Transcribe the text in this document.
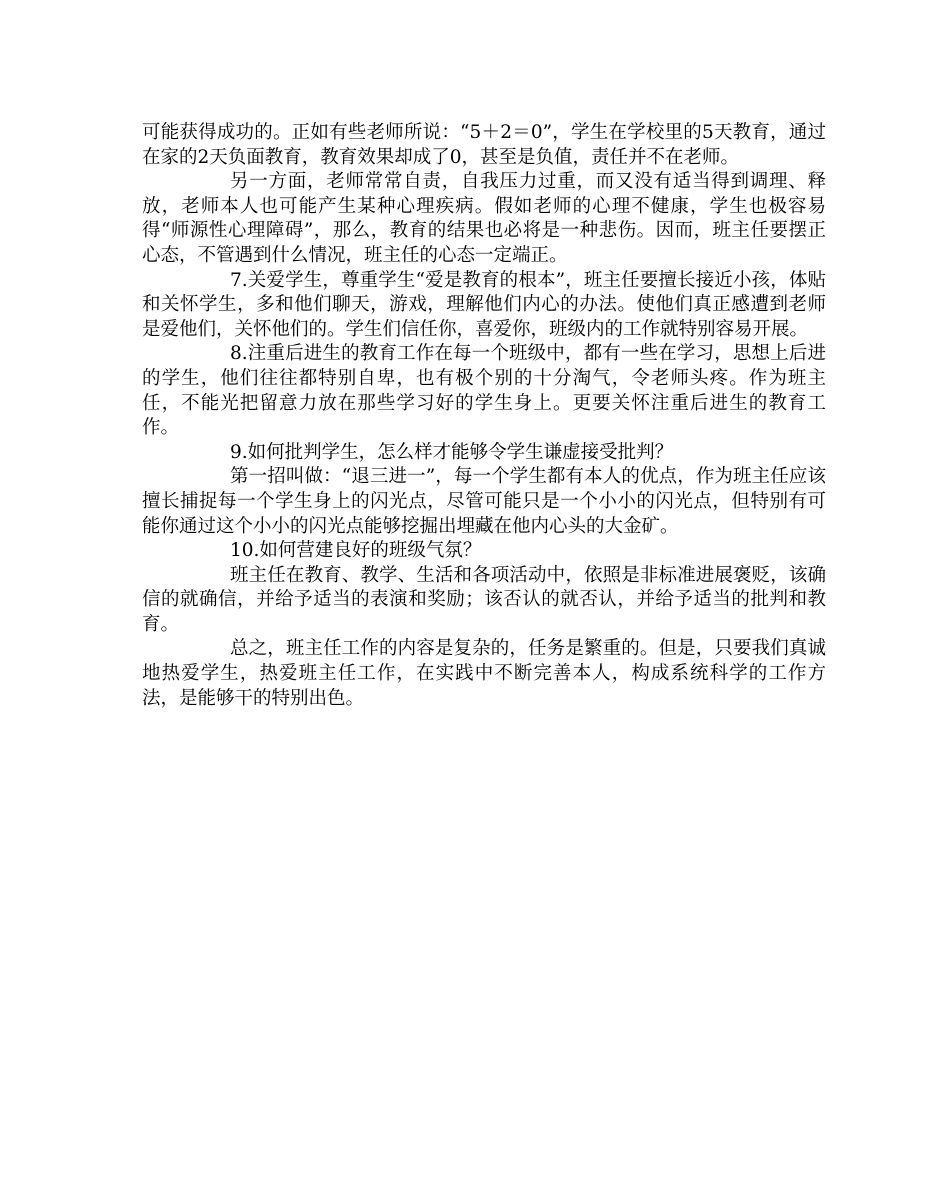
可能获得成功的。正如有些老师所说：“5＋2＝0”，学生在学校里的5天教育，通过在家的2天负面教育，教育效果却成了0，甚至是负值，责任并不在老师。

另一方面，老师常常自责，自我压力过重，而又没有适当得到调理、释放，老师本人也可能产生某种心理疾病。假如老师的心理不健康，学生也极容易得“师源性心理障碍”，那么，教育的结果也必将是一种悲伤。因而，班主任要摆正心态，不管遇到什么情况，班主任的心态一定端正。

7.关爱学生，尊重学生“爱是教育的根本”，班主任要擅长接近小孩，体贴和关怀学生，多和他们聊天，游戏，理解他们内心的办法。使他们真正感遭到老师是爱他们，关怀他们的。学生们信任你，喜爱你，班级内的工作就特别容易开展。

8.注重后进生的教育工作在每一个班级中，都有一些在学习，思想上后进的学生，他们往往都特别自卑，也有极个别的十分淘气，令老师头疼。作为班主任，不能光把留意力放在那些学习好的学生身上。更要关怀注重后进生的教育工作。

9.如何批判学生，怎么样才能够令学生谦虚接受批判？

第一招叫做：“退三进一”，每一个学生都有本人的优点，作为班主任应该擅长捕捉每一个学生身上的闪光点，尽管可能只是一个小小的闪光点，但特别有可能你通过这个小小的闪光点能够挖掘出埋藏在他内心头的大金矿。

10.如何营建良好的班级气氛？

班主任在教育、教学、生活和各项活动中，依照是非标准进展褒贬，该确信的就确信，并给予适当的表演和奖励；该否认的就否认，并给予适当的批判和教育。

总之，班主任工作的内容是复杂的，任务是繁重的。但是，只要我们真诚地热爱学生，热爱班主任工作，在实践中不断完善本人，构成系统科学的工作方法，是能够干的特别出色。
